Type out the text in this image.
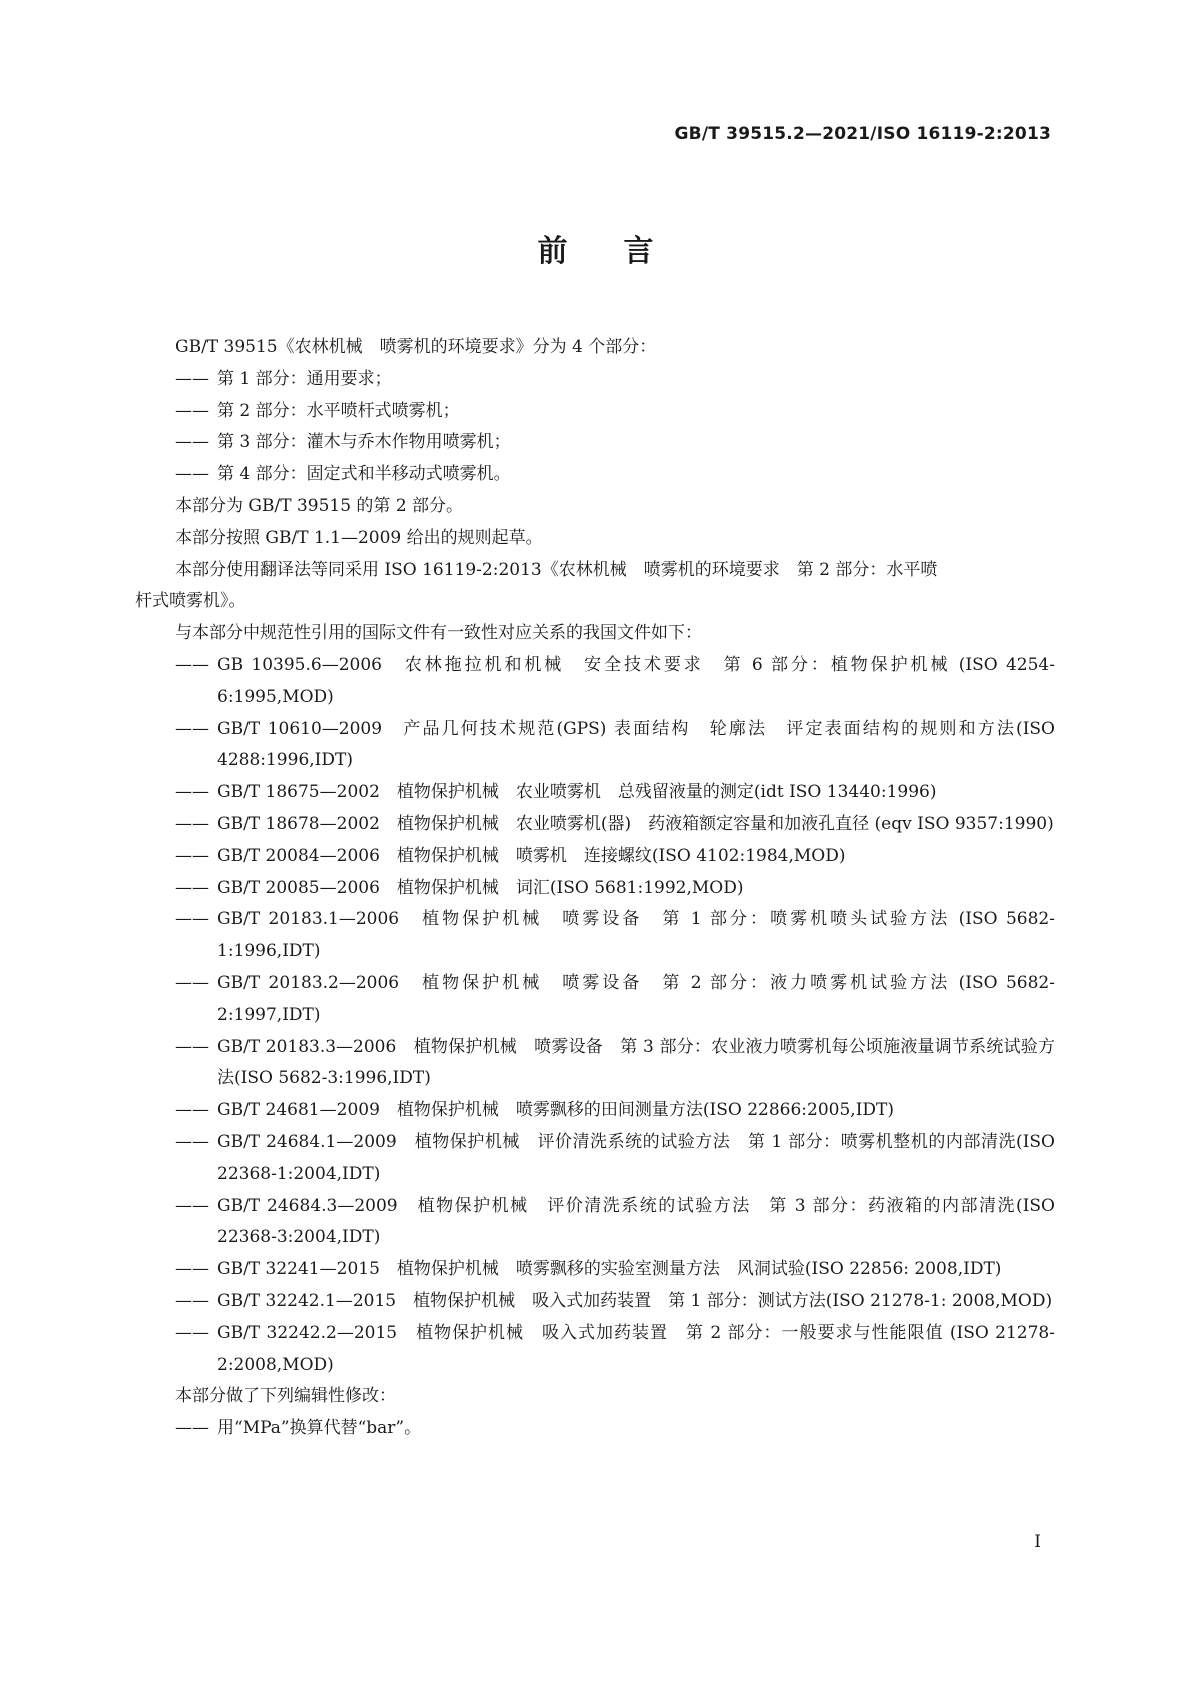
GB/T 39515.2—2021/ISO 16119-2:2013
前言

GB/T 39515《农林机械　喷雾机的环境要求》分为 4 个部分：

—— 第 1 部分：通用要求；
—— 第 2 部分：水平喷杆式喷雾机；
—— 第 3 部分：灌木与乔木作物用喷雾机；
—— 第 4 部分：固定式和半移动式喷雾机。

本部分为 GB/T 39515 的第 2 部分。

本部分按照 GB/T 1.1—2009 给出的规则起草。

本部分使用翻译法等同采用 ISO 16119-2:2013《农林机械　喷雾机的环境要求　第 2 部分：水平喷

杆式喷雾机》。

与本部分中规范性引用的国际文件有一致性对应关系的我国文件如下：

—— GB 10395.6—2006　农林拖拉机和机械　安全技术要求　第 6 部分：植物保护机械 (ISO 4254-6:1995,MOD)
—— GB/T 10610—2009　产品几何技术规范(GPS) 表面结构　轮廓法　评定表面结构的规则和方法(ISO 4288:1996,IDT)
—— GB/T 18675—2002　植物保护机械　农业喷雾机　总残留液量的测定(idt ISO 13440:1996)
—— GB/T 18678—2002　植物保护机械　农业喷雾机(器)　药液箱额定容量和加液孔直径 (eqv ISO 9357:1990)
—— GB/T 20084—2006　植物保护机械　喷雾机　连接螺纹(ISO 4102:1984,MOD)
—— GB/T 20085—2006　植物保护机械　词汇(ISO 5681:1992,MOD)
—— GB/T 20183.1—2006　植物保护机械　喷雾设备　第 1 部分：喷雾机喷头试验方法 (ISO 5682-1:1996,IDT)
—— GB/T 20183.2—2006　植物保护机械　喷雾设备　第 2 部分：液力喷雾机试验方法 (ISO 5682-2:1997,IDT)
—— GB/T 20183.3—2006　植物保护机械　喷雾设备　第 3 部分：农业液力喷雾机每公顷施液量调节系统试验方法(ISO 5682-3:1996,IDT)
—— GB/T 24681—2009　植物保护机械　喷雾飘移的田间测量方法(ISO 22866:2005,IDT)
—— GB/T 24684.1—2009　植物保护机械　评价清洗系统的试验方法　第 1 部分：喷雾机整机的内部清洗(ISO 22368-1:2004,IDT)
—— GB/T 24684.3—2009　植物保护机械　评价清洗系统的试验方法　第 3 部分：药液箱的内部清洗(ISO 22368-3:2004,IDT)
—— GB/T 32241—2015　植物保护机械　喷雾飘移的实验室测量方法　风洞试验(ISO 22856: 2008,IDT)
—— GB/T 32242.1—2015　植物保护机械　吸入式加药装置　第 1 部分：测试方法(ISO 21278-1: 2008,MOD)
—— GB/T 32242.2—2015　植物保护机械　吸入式加药装置　第 2 部分：一般要求与性能限值 (ISO 21278-2:2008,MOD)

本部分做了下列编辑性修改：

—— 用“MPa”换算代替“bar”。
I
